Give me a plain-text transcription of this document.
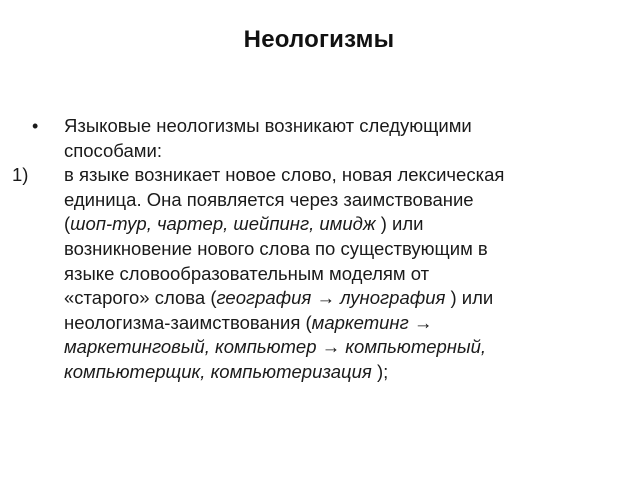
Неологизмы
• Языковые неологизмы возникают следующими
способами:
1) в языке возникает новое слово, новая лексическая
единица. Она появляется через заимствование
(шоп-тур, чартер, шейпинг, имидж ) или
возникновение нового слова по существующим в
языке словообразовательным моделям от
«старого» слова (география → лунография ) или
неологизма-заимствования (маркетинг →
маркетинговый, компьютер → компьютерный,
компьютерщик, компьютеризация );
